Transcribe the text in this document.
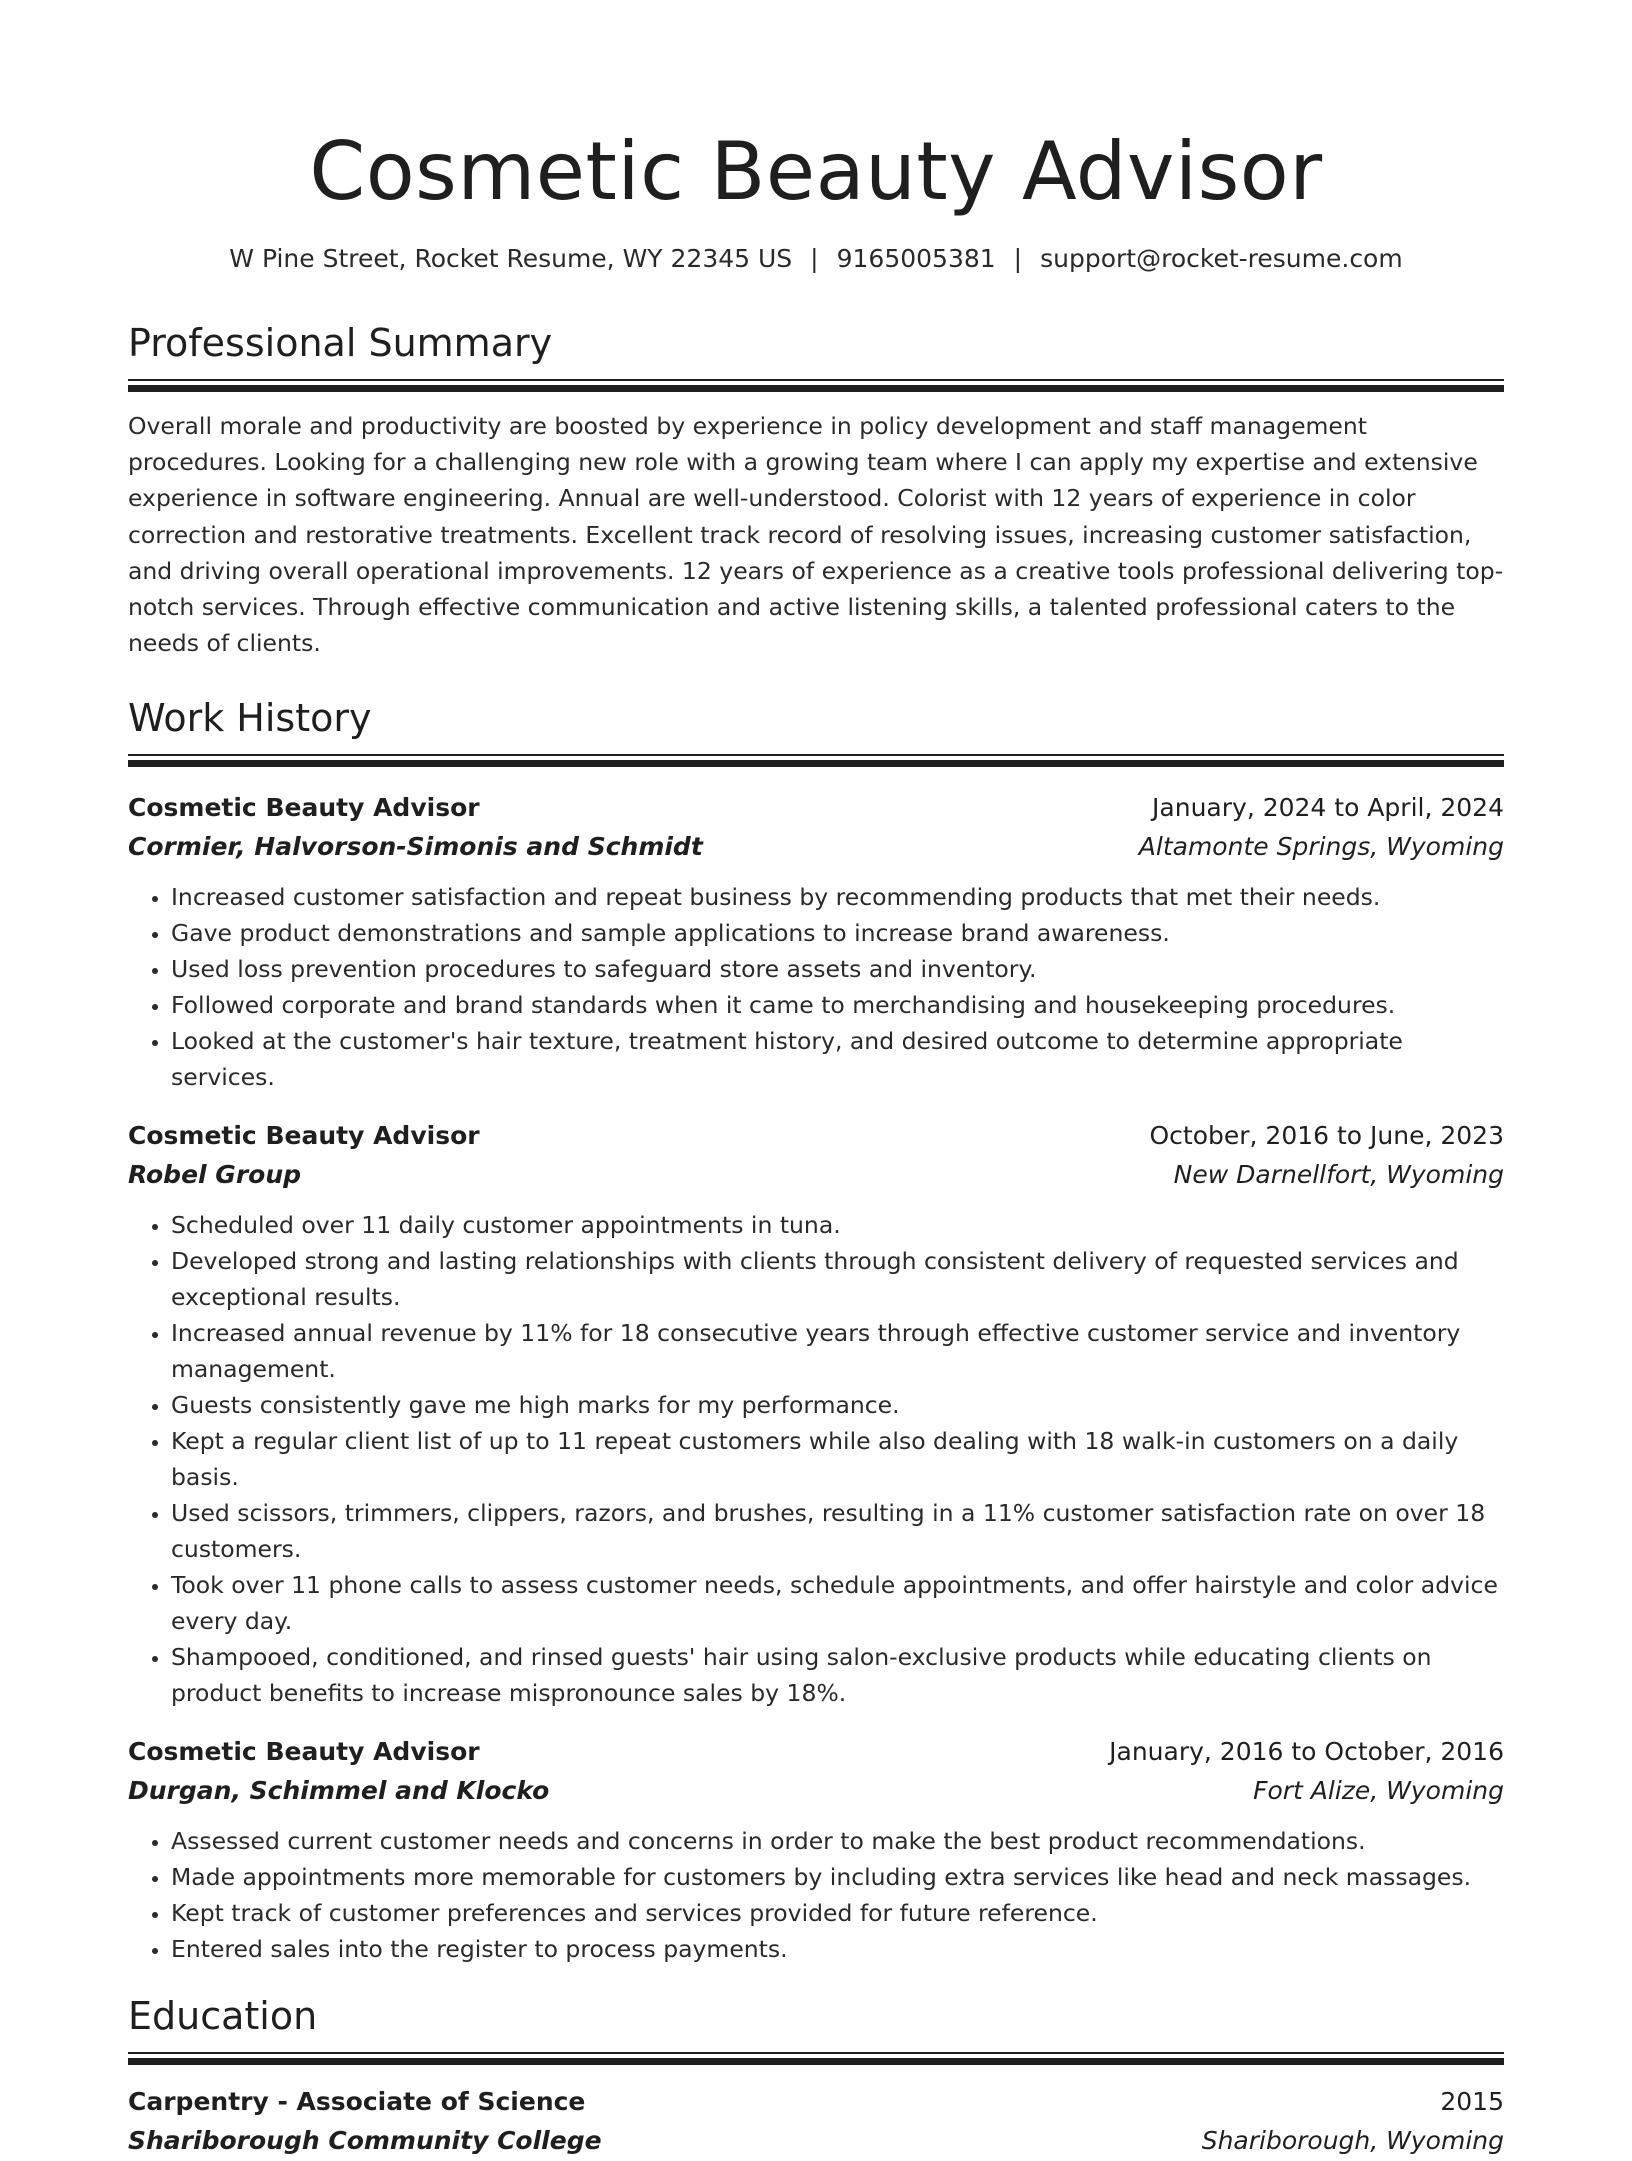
Cosmetic Beauty Advisor
W Pine Street, Rocket Resume, WY 22345 US | 9165005381 | support@rocket-resume.com
Professional Summary
Overall morale and productivity are boosted by experience in policy development and staff management procedures. Looking for a challenging new role with a growing team where I can apply my expertise and extensive experience in software engineering. Annual are well-understood. Colorist with 12 years of experience in color correction and restorative treatments. Excellent track record of resolving issues, increasing customer satisfaction, and driving overall operational improvements. 12 years of experience as a creative tools professional delivering top-notch services. Through effective communication and active listening skills, a talented professional caters to the needs of clients.
Work History
Cosmetic Beauty Advisor	January, 2024 to April, 2024
Cormier, Halvorson-Simonis and Schmidt	Altamonte Springs, Wyoming
• Increased customer satisfaction and repeat business by recommending products that met their needs.
• Gave product demonstrations and sample applications to increase brand awareness.
• Used loss prevention procedures to safeguard store assets and inventory.
• Followed corporate and brand standards when it came to merchandising and housekeeping procedures.
• Looked at the customer's hair texture, treatment history, and desired outcome to determine appropriate services.
Cosmetic Beauty Advisor	October, 2016 to June, 2023
Robel Group	New Darnellfort, Wyoming
• Scheduled over 11 daily customer appointments in tuna.
• Developed strong and lasting relationships with clients through consistent delivery of requested services and exceptional results.
• Increased annual revenue by 11% for 18 consecutive years through effective customer service and inventory management.
• Guests consistently gave me high marks for my performance.
• Kept a regular client list of up to 11 repeat customers while also dealing with 18 walk-in customers on a daily basis.
• Used scissors, trimmers, clippers, razors, and brushes, resulting in a 11% customer satisfaction rate on over 18 customers.
• Took over 11 phone calls to assess customer needs, schedule appointments, and offer hairstyle and color advice every day.
• Shampooed, conditioned, and rinsed guests' hair using salon-exclusive products while educating clients on product benefits to increase mispronounce sales by 18%.
Cosmetic Beauty Advisor	January, 2016 to October, 2016
Durgan, Schimmel and Klocko	Fort Alize, Wyoming
• Assessed current customer needs and concerns in order to make the best product recommendations.
• Made appointments more memorable for customers by including extra services like head and neck massages.
• Kept track of customer preferences and services provided for future reference.
• Entered sales into the register to process payments.
Education
Carpentry - Associate of Science	2015
Shariborough Community College	Shariborough, Wyoming
